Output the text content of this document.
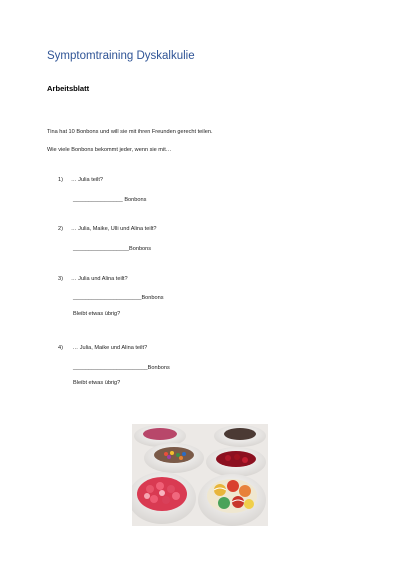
Symptomtraining Dyskalkulie
Arbeitsblatt
Tina hat 10 Bonbons und will sie mit ihren Freunden gerecht teilen.
Wie viele Bonbons bekommt jeder, wenn sie mit…
1) … Julia teilt?
________________ Bonbons
2) … Julia, Maike, Ulli und Alina teilt?
__________________Bonbons
3) … Julia und Alina teilt?
______________________Bonbons
Bleibt etwas übrig?
4) … Julia, Maike und Alina teilt?
________________________Bonbons
Bleibt etwas übrig?
